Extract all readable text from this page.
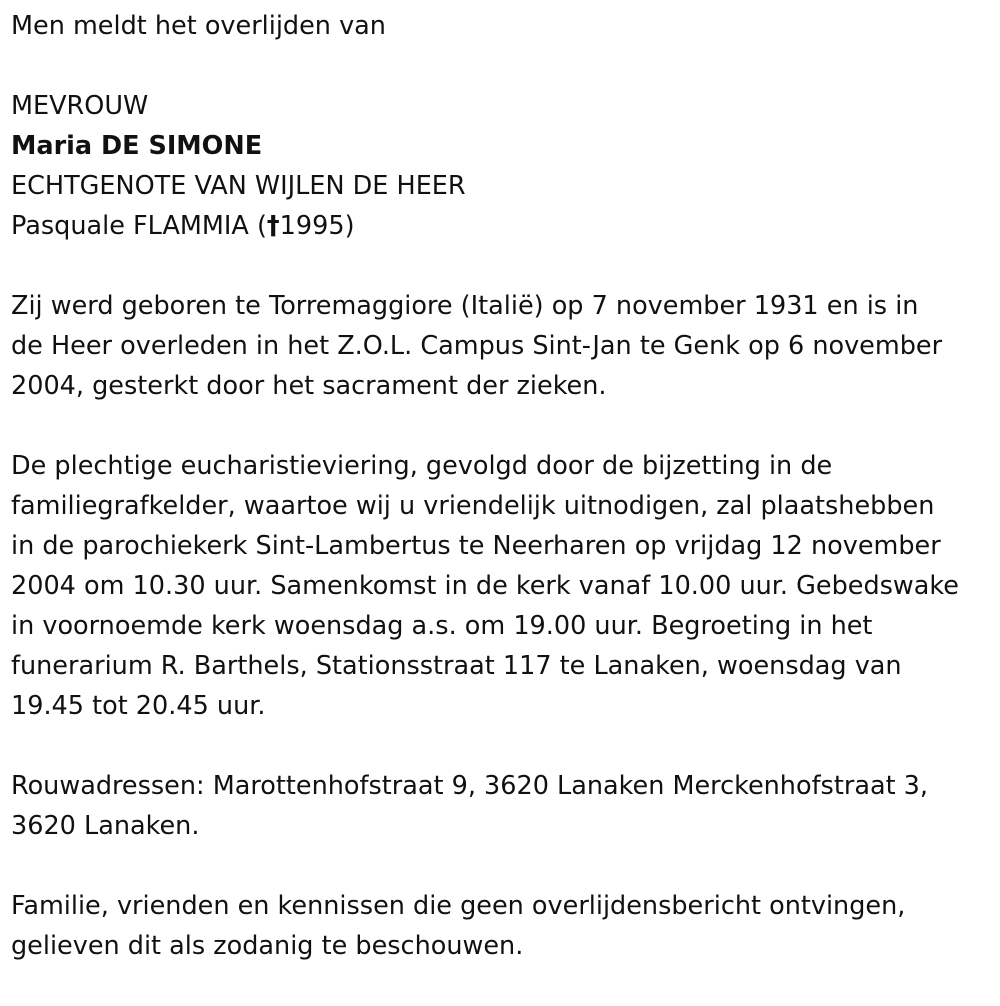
Men meldt het overlijden van
MEVROUW
Maria DE SIMONE
ECHTGENOTE VAN WIJLEN DE HEER
Pasquale FLAMMIA (†1995)
Zij werd geboren te Torremaggiore (Italië) op 7 november 1931 en is in
de Heer overleden in het Z.O.L. Campus Sint-Jan te Genk op 6 november
2004, gesterkt door het sacrament der zieken.
De plechtige eucharistieviering, gevolgd door de bijzetting in de
familiegrafkelder, waartoe wij u vriendelijk uitnodigen, zal plaatshebben
in de parochiekerk Sint-Lambertus te Neerharen op vrijdag 12 november
2004 om 10.30 uur. Samenkomst in de kerk vanaf 10.00 uur. Gebedswake
in voornoemde kerk woensdag a.s. om 19.00 uur. Begroeting in het
funerarium R. Barthels, Stationsstraat 117 te Lanaken, woensdag van
19.45 tot 20.45 uur.
Rouwadressen: Marottenhofstraat 9, 3620 Lanaken Merckenhofstraat 3,
3620 Lanaken.
Familie, vrienden en kennissen die geen overlijdensbericht ontvingen,
gelieven dit als zodanig te beschouwen.
